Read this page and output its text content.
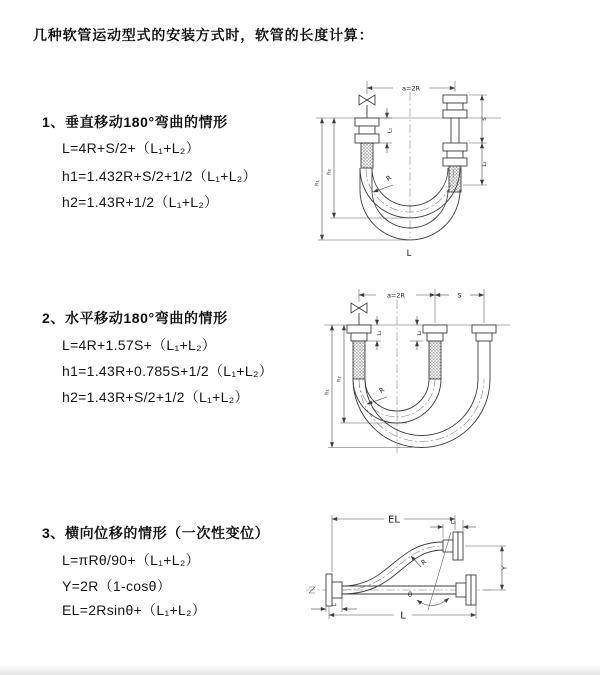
几种软管运动型式的安装方式时，软管的长度计算：
1、垂直移动180°弯曲的情形
L=4R+S/2+（L₁+L₂）
h1=1.432R+S/2+1/2（L₁+L₂）
h2=1.43R+1/2（L₁+L₂）
a=2R
L₁
S
L₂
h₁
h₂
R
L
2、水平移动180°弯曲的情形
L=4R+1.57S+（L₁+L₂）
h1=1.43R+0.785S+1/2（L₁+L₂）
h2=1.43R+S/2+1/2（L₁+L₂）
a=2R	S
L₁	L₂
h₁
h₂
R
3、横向位移的情形（一次性变位）
L=πRθ/90+（L₁+L₂）
Y=2R（1-cosθ）
EL=2Rsinθ+（L₁+L₂）
EL	L₁
Y
θ
R
L₂
L
